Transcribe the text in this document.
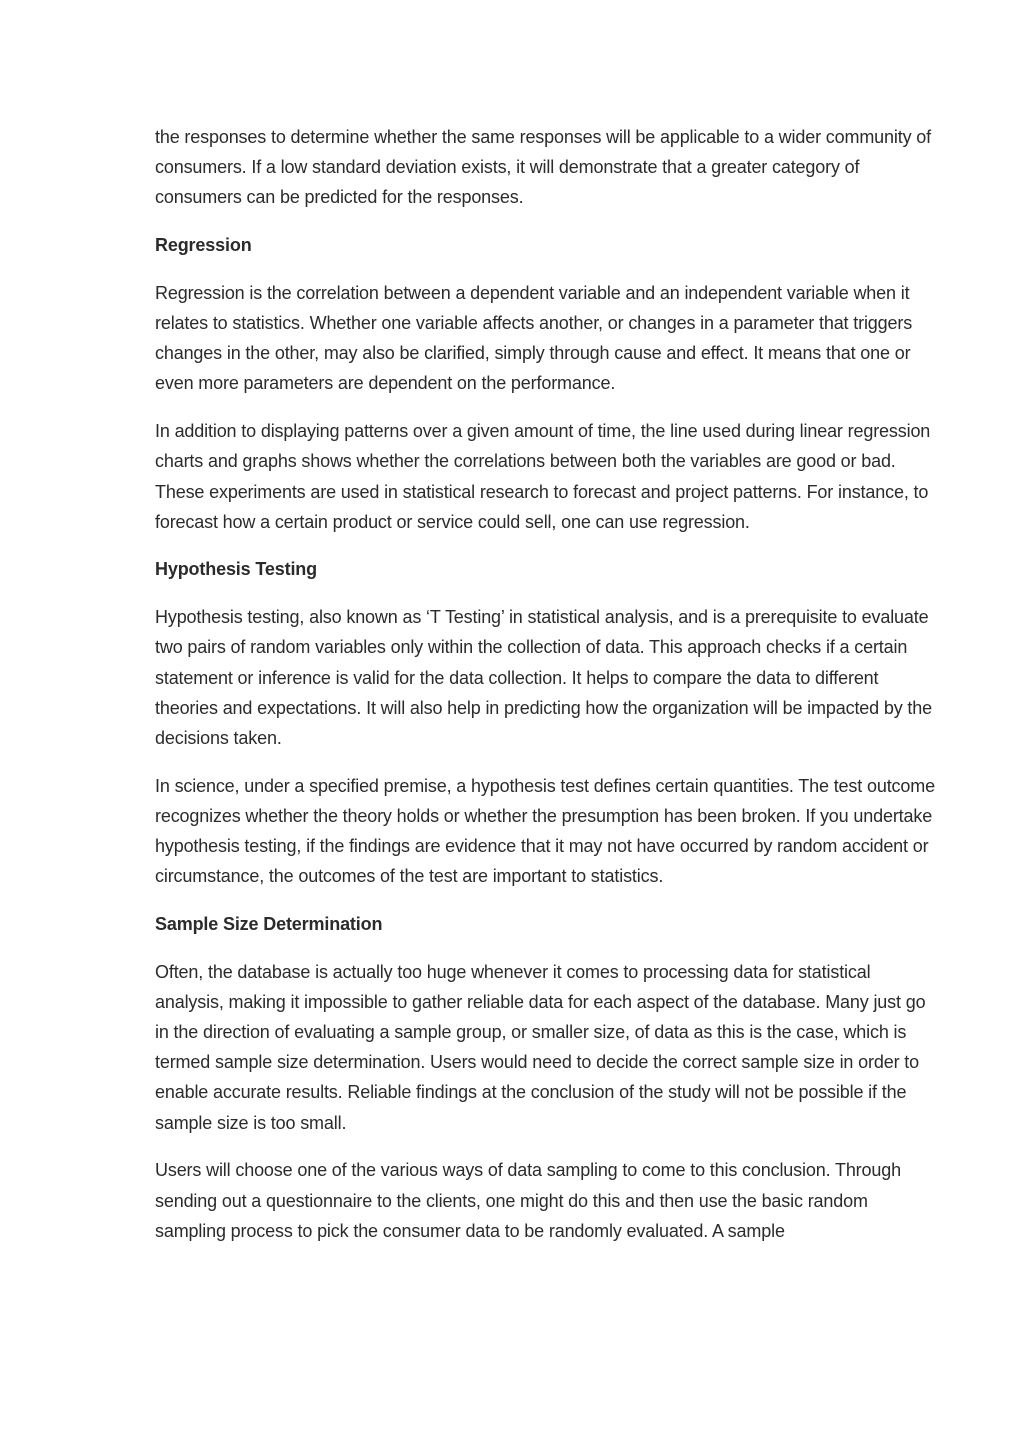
the responses to determine whether the same responses will be applicable to a wider community of consumers. If a low standard deviation exists, it will demonstrate that a greater category of consumers can be predicted for the responses.

Regression

Regression is the correlation between a dependent variable and an independent variable when it relates to statistics. Whether one variable affects another, or changes in a parameter that triggers changes in the other, may also be clarified, simply through cause and effect. It means that one or even more parameters are dependent on the performance.

In addition to displaying patterns over a given amount of time, the line used during linear regression charts and graphs shows whether the correlations between both the variables are good or bad. These experiments are used in statistical research to forecast and project patterns. For instance, to forecast how a certain product or service could sell, one can use regression.

Hypothesis Testing

Hypothesis testing, also known as ‘T Testing’ in statistical analysis, and is a prerequisite to evaluate two pairs of random variables only within the collection of data. This approach checks if a certain statement or inference is valid for the data collection. It helps to compare the data to different theories and expectations. It will also help in predicting how the organization will be impacted by the decisions taken.

In science, under a specified premise, a hypothesis test defines certain quantities. The test outcome recognizes whether the theory holds or whether the presumption has been broken. If you undertake hypothesis testing, if the findings are evidence that it may not have occurred by random accident or circumstance, the outcomes of the test are important to statistics.

Sample Size Determination

Often, the database is actually too huge whenever it comes to processing data for statistical analysis, making it impossible to gather reliable data for each aspect of the database. Many just go in the direction of evaluating a sample group, or smaller size, of data as this is the case, which is termed sample size determination. Users would need to decide the correct sample size in order to enable accurate results. Reliable findings at the conclusion of the study will not be possible if the sample size is too small.

Users will choose one of the various ways of data sampling to come to this conclusion. Through sending out a questionnaire to the clients, one might do this and then use the basic random sampling process to pick the consumer data to be randomly evaluated. A sample
